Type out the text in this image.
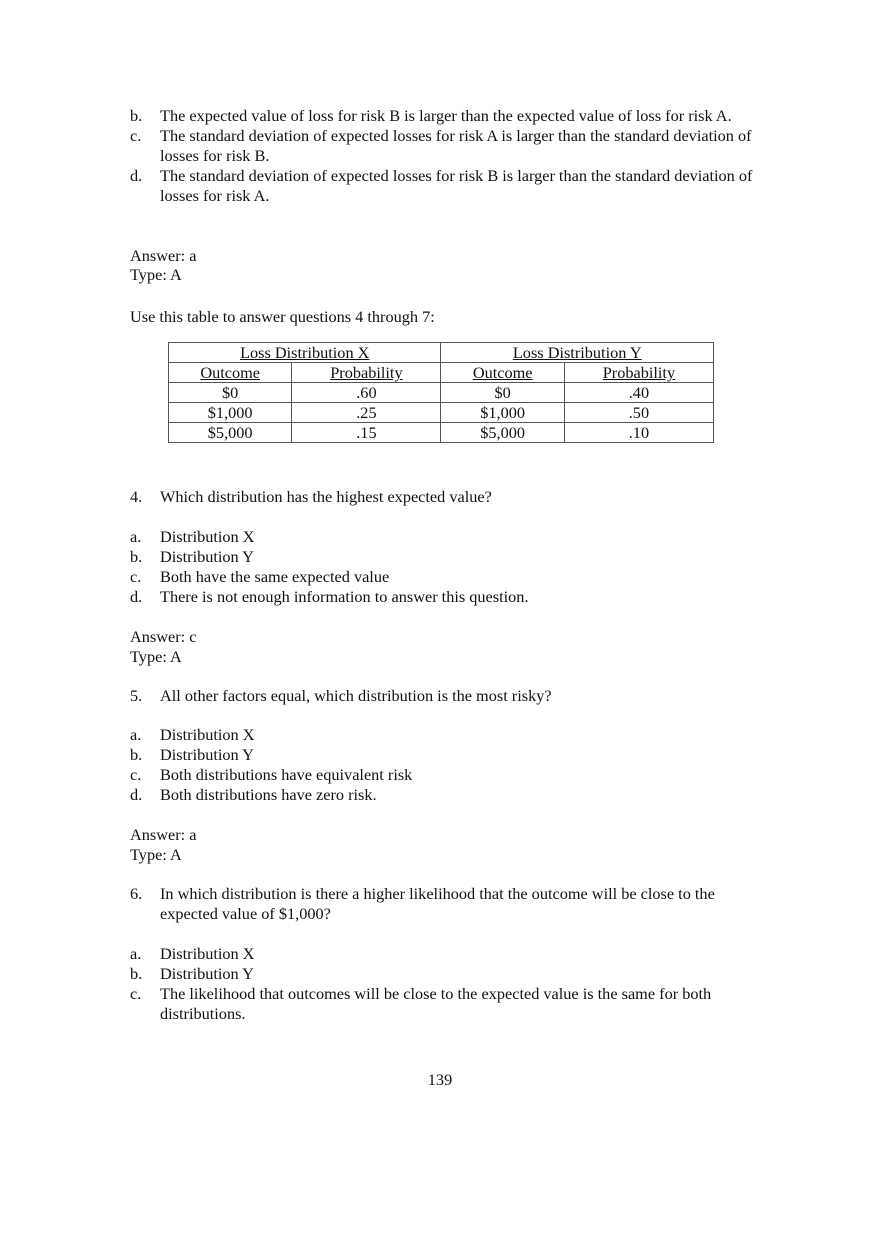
b.	The expected value of loss for risk B is larger than the expected value of loss for risk A.
c.	The standard deviation of expected losses for risk A is larger than the standard deviation of losses for risk B.
d.	The standard deviation of expected losses for risk B is larger than the standard deviation of losses for risk A.
Answer: a
Type: A
Use this table to answer questions 4 through 7:
Loss Distribution X		Loss Distribution Y	
Outcome	Probability	Outcome	Probability
$0	.60	$0	.40
$1,000	.25	$1,000	.50
$5,000	.15	$5,000	.10
4. Which distribution has the highest expected value?
a.	Distribution X
b.	Distribution Y
c.	Both have the same expected value
d.	There is not enough information to answer this question.
Answer: c
Type: A
5. All other factors equal, which distribution is the most risky?
a.	Distribution X
b.	Distribution Y
c.	Both distributions have equivalent risk
d.	Both distributions have zero risk.
Answer: a
Type: A
6.	In which distribution is there a higher likelihood that the outcome will be close to the expected value of $1,000?
a.	Distribution X
b.	Distribution Y
c.	The likelihood that outcomes will be close to the expected value is the same for both distributions.
139
